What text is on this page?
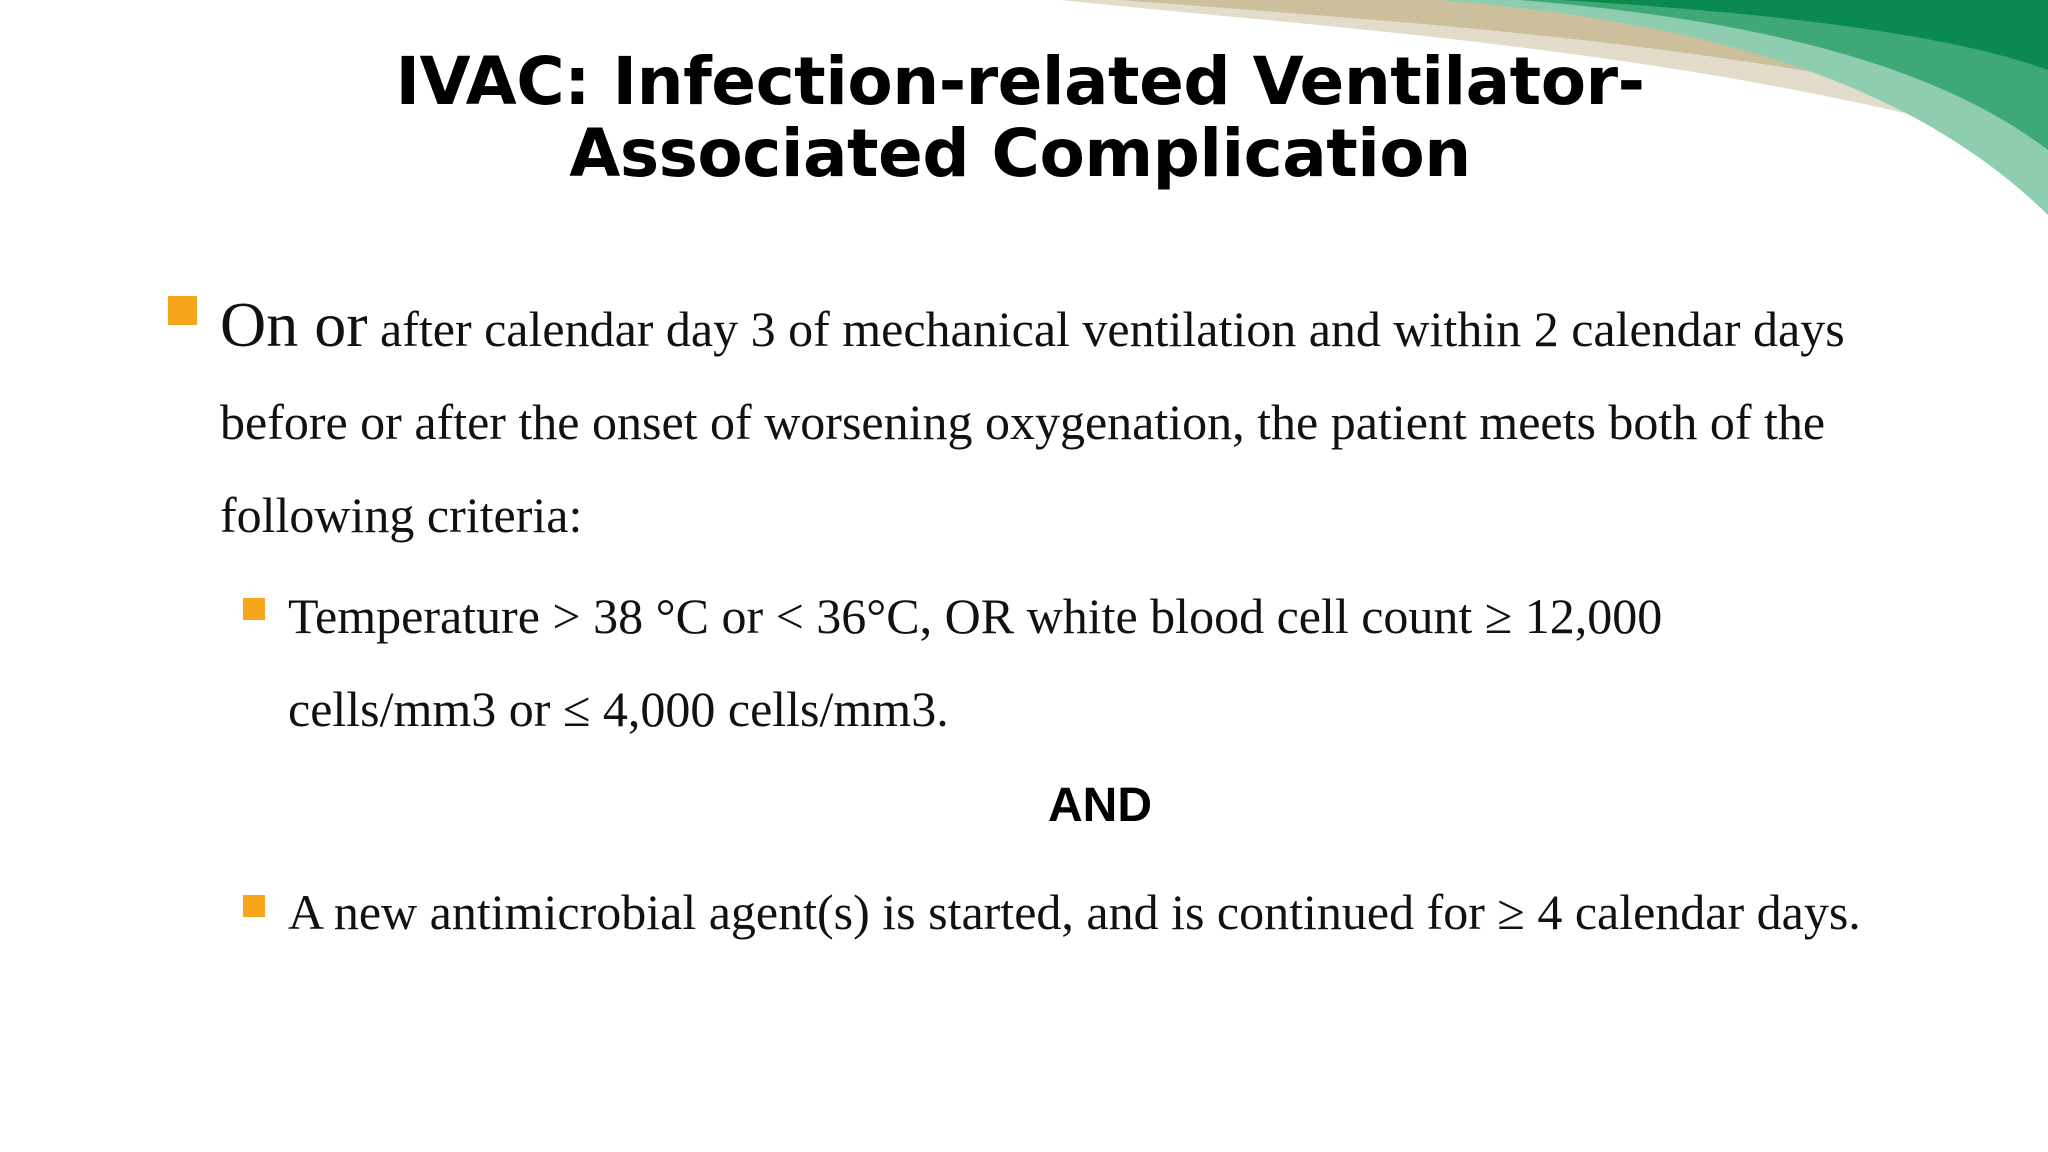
IVAC: Infection-related Ventilator-
Associated Complication
On or after calendar day 3 of mechanical ventilation and within 2 calendar days before or after the onset of worsening oxygenation, the patient meets both of the following criteria:
Temperature > 38 °C or < 36°C, OR white blood cell count ≥ 12,000 cells/mm3 or ≤ 4,000 cells/mm3.
AND
A new antimicrobial agent(s) is started, and is continued for ≥ 4 calendar days.
